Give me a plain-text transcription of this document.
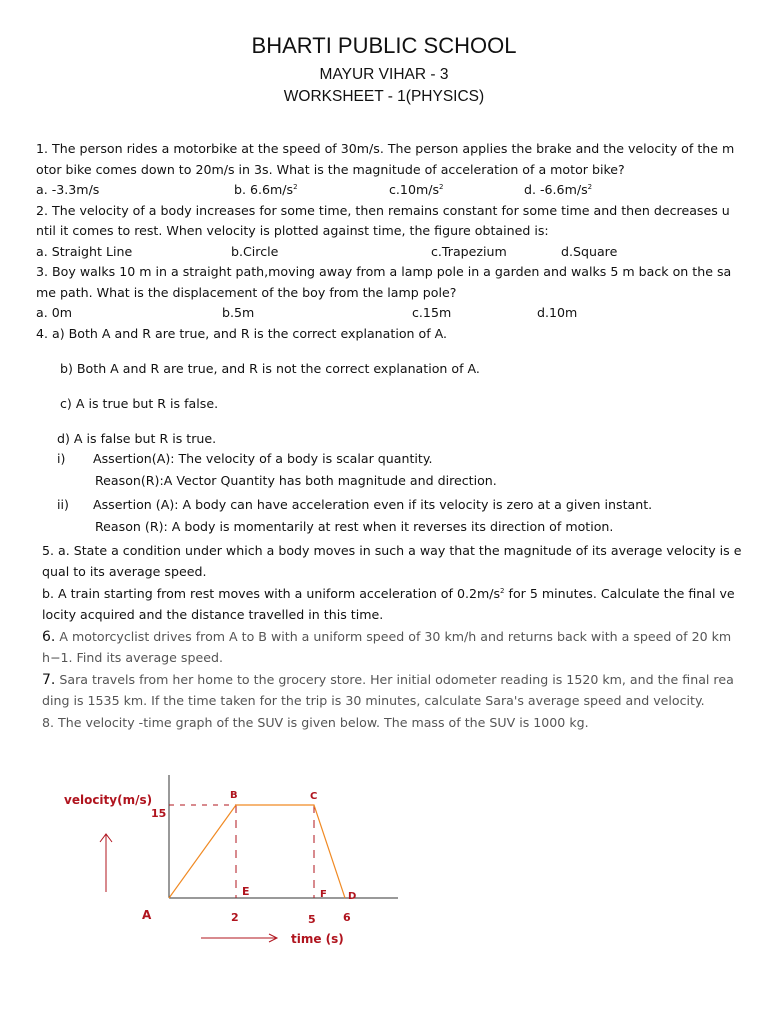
BHARTI PUBLIC SCHOOL
MAYUR VIHAR - 3
WORKSHEET - 1(PHYSICS)
1. The person rides a motorbike at the speed of 30m/s. The person applies the brake and the velocity of the m
otor bike comes down to 20m/s in 3s. What is the magnitude of acceleration of a motor bike?
a. -3.3m/s	b. $6.6m/s^2$	$c.10m/s^2$	d. $-6.6m/s^2$
2. The velocity of a body increases for some time, then remains constant for some time and then decreases u
ntil it comes to rest. When velocity is plotted against time, the figure obtained is:
a. Straight Line	b.Circle	c.Trapezium	d.Square
3. Boy walks 10 m in a straight path,moving away from a lamp pole in a garden and walks 5 m back on the sa
me path. What is the displacement of the boy from the lamp pole?
a. 0m	b.5m	c.15m	d.10m
4. a) Both A and R are true, and R is the correct explanation of A.
b) Both A and R are true, and R is not the correct explanation of A.
c) A is true but R is false.
d) A is false but R is true.
i) Assertion(A): The velocity of a body is scalar quantity.
Reason(R):A Vector Quantity has both magnitude and direction.
ii) Assertion (A): A body can have acceleration even if its velocity is zero at a given instant.
Reason (R): A body is momentarily at rest when it reverses its direction of motion.
5. a. State a condition under which a body moves in such a way that the magnitude of its average velocity is e
qual to its average speed.
b. A train starting from rest moves with a uniform acceleration of $0.2m/s^2$ for 5 minutes. Calculate the final ve
locity acquired and the distance travelled in this time.
6. A motorcyclist drives from A to B with a uniform speed of 30 km/h and returns back with a speed of 20 km
h−1. Find its average speed.
7. Sara travels from her home to the grocery store. Her initial odometer reading is 1520 km, and the final rea
ding is 1535 km. If the time taken for the trip is 30 minutes, calculate Sara's average speed and velocity.
8. The velocity -time graph of the SUV is given below. The mass of the SUV is 1000 kg.
velocity(m/s)
15
B	C
A
E	F D
2	5 6
time (s)
